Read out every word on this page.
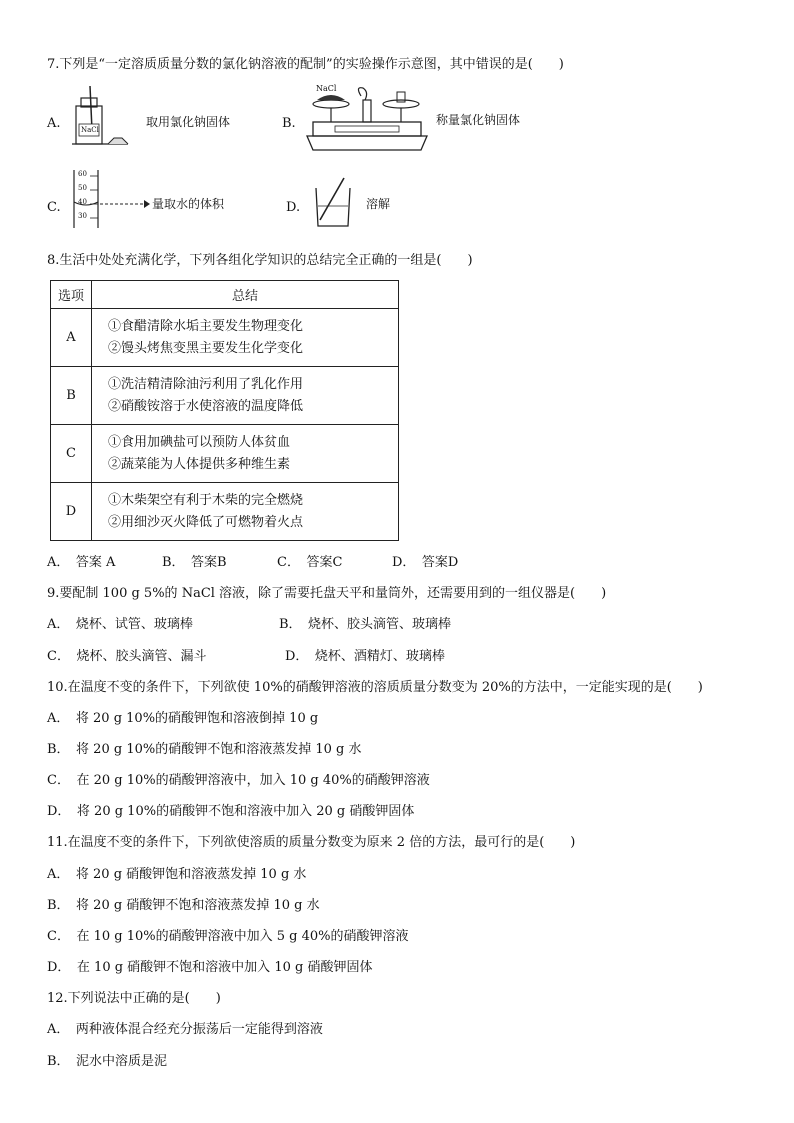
7.下列是“一定溶质质量分数的氯化钠溶液的配制”的实验操作示意图，其中错误的是(　　)
A.	NaCl
取用氯化钠固体	B.
NaCl
称量氯化钠固体
C.
60
50
40
30
量取水的体积	D.	溶解
8.生活中处处充满化学，下列各组化学知识的总结完全正确的一组是(　　)
选项	总结
A	①食醋清除水垢主要发生物理变化
②馒头烤焦变黑主要发生化学变化

B	①洗洁精清除油污利用了乳化作用
②硝酸铵溶于水使溶液的温度降低

C	①食用加碘盐可以预防人体贫血
②蔬菜能为人体提供多种维生素

D	①木柴架空有利于木柴的完全燃烧
②用细沙灭火降低了可燃物着火点
A．　答案 A	B．　答案B	C．　答案C	D．　答案D
9.要配制 100 g 5%的 NaCl 溶液，除了需要托盘天平和量筒外，还需要用到的一组仪器是(　　)
A．　烧杯、试管、玻璃棒	B．　烧杯、胶头滴管、玻璃棒
C．　烧杯、胶头滴管、漏斗	D．　烧杯、酒精灯、玻璃棒
10.在温度不变的条件下，下列欲使 10%的硝酸钾溶液的溶质质量分数变为 20%的方法中，一定能实现的是(　　)
A．　将 20 g 10%的硝酸钾饱和溶液倒掉 10 g
B．　将 20 g 10%的硝酸钾不饱和溶液蒸发掉 10 g 水
C．　在 20 g 10%的硝酸钾溶液中，加入 10 g 40%的硝酸钾溶液
D．　将 20 g 10%的硝酸钾不饱和溶液中加入 20 g 硝酸钾固体
11.在温度不变的条件下，下列欲使溶质的质量分数变为原来 2 倍的方法，最可行的是(　　)
A．　将 20 g 硝酸钾饱和溶液蒸发掉 10 g 水
B．　将 20 g 硝酸钾不饱和溶液蒸发掉 10 g 水
C．　在 10 g 10%的硝酸钾溶液中加入 5 g 40%的硝酸钾溶液
D．　在 10 g 硝酸钾不饱和溶液中加入 10 g 硝酸钾固体
12.下列说法中正确的是(　　)
A．　两种液体混合经充分振荡后一定能得到溶液
B．　泥水中溶质是泥
